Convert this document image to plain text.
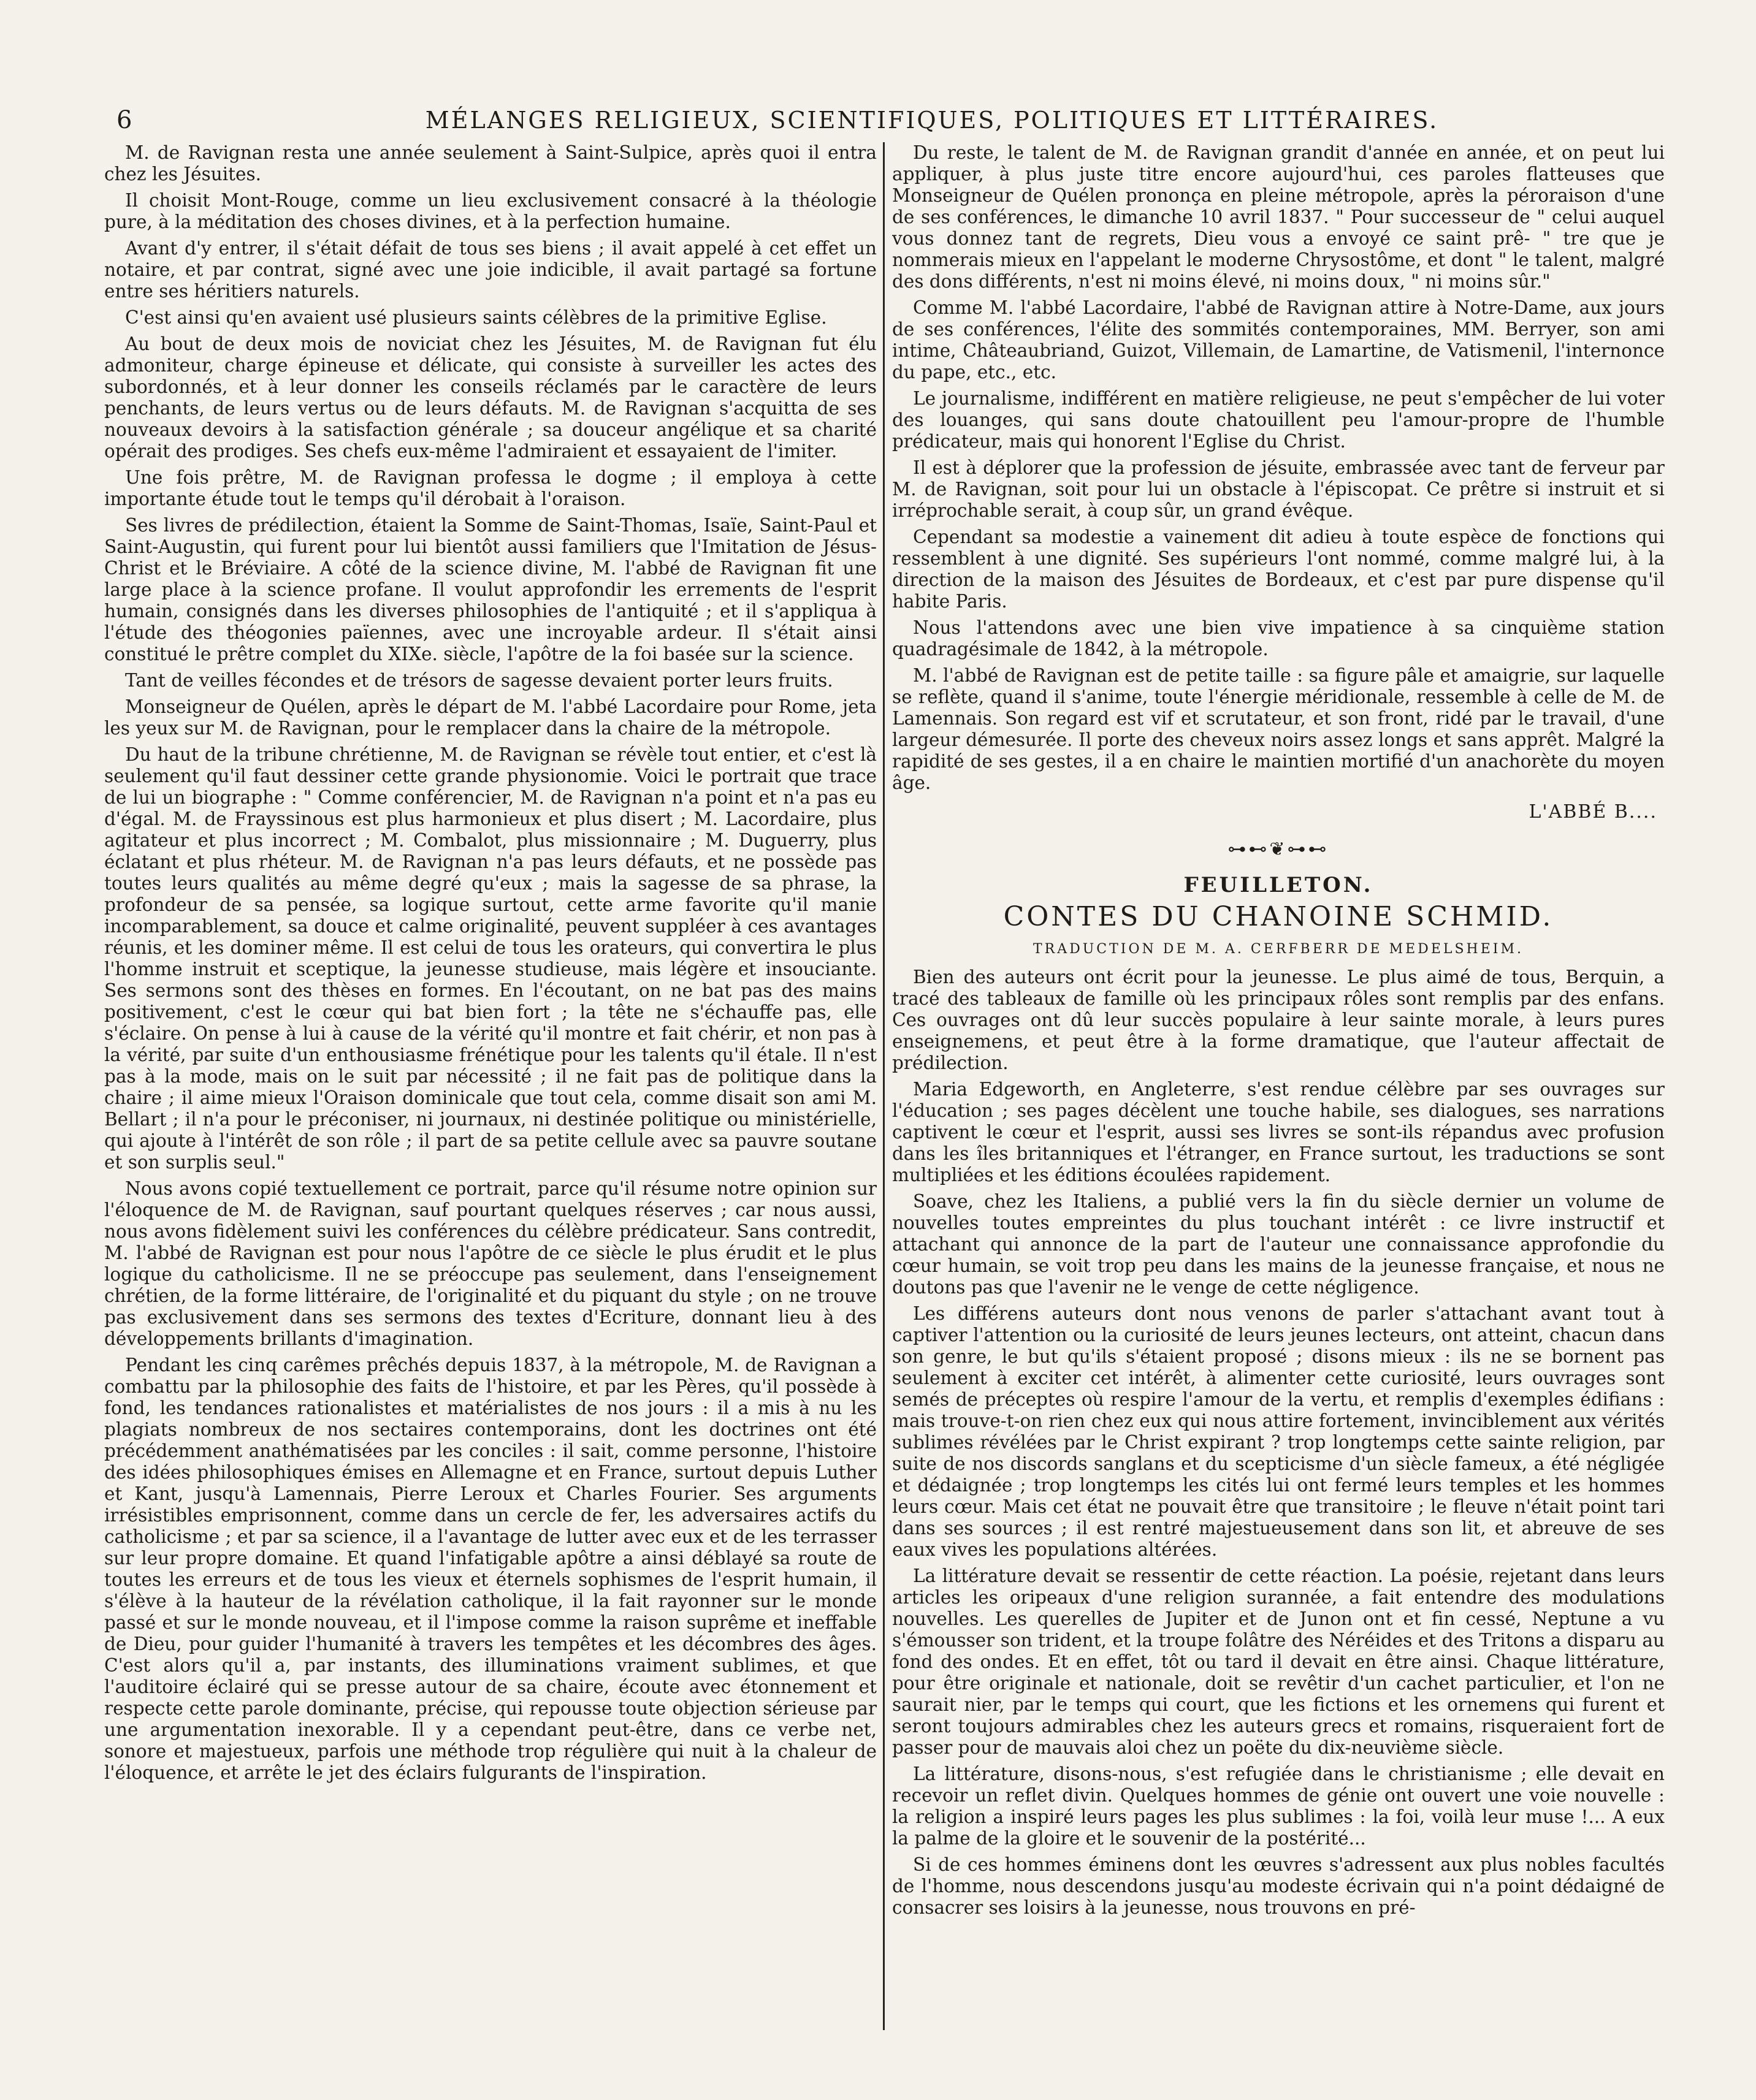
6	MÉLANGES RELIGIEUX, SCIENTIFIQUES, POLITIQUES ET LITTÉRAIRES.

M. de Ravignan resta une année seulement à Saint-Sulpice, après quoi il entra chez les Jésuites.

Il choisit Mont-Rouge, comme un lieu exclusivement consacré à la théologie pure, à la méditation des choses divines, et à la perfection humaine.

Avant d'y entrer, il s'était défait de tous ses biens ; il avait appelé à cet effet un notaire, et par contrat, signé avec une joie indicible, il avait partagé sa fortune entre ses héritiers naturels.

C'est ainsi qu'en avaient usé plusieurs saints célèbres de la primitive Eglise.

Au bout de deux mois de noviciat chez les Jésuites, M. de Ravignan fut élu admoniteur, charge épineuse et délicate, qui consiste à surveiller les actes des subordonnés, et à leur donner les conseils réclamés par le caractère de leurs penchants, de leurs vertus ou de leurs défauts. M. de Ravignan s'acquitta de ses nouveaux devoirs à la satisfaction générale ; sa douceur angélique et sa charité opérait des prodiges. Ses chefs eux-même l'admiraient et essayaient de l'imiter.

Une fois prêtre, M. de Ravignan professa le dogme ; il employa à cette importante étude tout le temps qu'il dérobait à l'oraison.

Ses livres de prédilection, étaient la Somme de Saint-Thomas, Isaïe, Saint-Paul et Saint-Augustin, qui furent pour lui bientôt aussi familiers que l'Imitation de Jésus-Christ et le Bréviaire. A côté de la science divine, M. l'abbé de Ravignan fit une large place à la science profane. Il voulut approfondir les errements de l'esprit humain, consignés dans les diverses philosophies de l'antiquité ; et il s'appliqua à l'étude des théogonies païennes, avec une incroyable ardeur. Il s'était ainsi constitué le prêtre complet du XIXe. siècle, l'apôtre de la foi basée sur la science.

Tant de veilles fécondes et de trésors de sagesse devaient porter leurs fruits.

Monseigneur de Quélen, après le départ de M. l'abbé Lacordaire pour Rome, jeta les yeux sur M. de Ravignan, pour le remplacer dans la chaire de la métropole.

Du haut de la tribune chrétienne, M. de Ravignan se révèle tout entier, et c'est là seulement qu'il faut dessiner cette grande physionomie. Voici le portrait que trace de lui un biographe : " Comme conférencier, M. de Ravignan n'a point et n'a pas eu d'égal. M. de Frayssinous est plus harmonieux et plus disert ; M. Lacordaire, plus agitateur et plus incorrect ; M. Combalot, plus missionnaire ; M. Duguerry, plus éclatant et plus rhéteur. M. de Ravignan n'a pas leurs défauts, et ne possède pas toutes leurs qualités au même degré qu'eux ; mais la sagesse de sa phrase, la profondeur de sa pensée, sa logique surtout, cette arme favorite qu'il manie incomparablement, sa douce et calme originalité, peuvent suppléer à ces avantages réunis, et les dominer même. Il est celui de tous les orateurs, qui convertira le plus l'homme instruit et sceptique, la jeunesse studieuse, mais légère et insouciante. Ses sermons sont des thèses en formes. En l'écoutant, on ne bat pas des mains positivement, c'est le cœur qui bat bien fort ; la tête ne s'échauffe pas, elle s'éclaire. On pense à lui à cause de la vérité qu'il montre et fait chérir, et non pas à la vérité, par suite d'un enthousiasme frénétique pour les talents qu'il étale. Il n'est pas à la mode, mais on le suit par nécessité ; il ne fait pas de politique dans la chaire ; il aime mieux l'Oraison dominicale que tout cela, comme disait son ami M. Bellart ; il n'a pour le préconiser, ni journaux, ni destinée politique ou ministérielle, qui ajoute à l'intérêt de son rôle ; il part de sa petite cellule avec sa pauvre soutane et son surplis seul."

Nous avons copié textuellement ce portrait, parce qu'il résume notre opinion sur l'éloquence de M. de Ravignan, sauf pourtant quelques réserves ; car nous aussi, nous avons fidèlement suivi les conférences du célèbre prédicateur. Sans contredit, M. l'abbé de Ravignan est pour nous l'apôtre de ce siècle le plus érudit et le plus logique du catholicisme. Il ne se préoccupe pas seulement, dans l'enseignement chrétien, de la forme littéraire, de l'originalité et du piquant du style ; on ne trouve pas exclusivement dans ses sermons des textes d'Ecriture, donnant lieu à des développements brillants d'imagination.

Pendant les cinq carêmes prêchés depuis 1837, à la métropole, M. de Ravignan a combattu par la philosophie des faits de l'histoire, et par les Pères, qu'il possède à fond, les tendances rationalistes et matérialistes de nos jours : il a mis à nu les plagiats nombreux de nos sectaires contemporains, dont les doctrines ont été précédemment anathématisées par les conciles : il sait, comme personne, l'histoire des idées philosophiques émises en Allemagne et en France, surtout depuis Luther et Kant, jusqu'à Lamennais, Pierre Leroux et Charles Fourier. Ses arguments irrésistibles emprisonnent, comme dans un cercle de fer, les adversaires actifs du catholicisme ; et par sa science, il a l'avantage de lutter avec eux et de les terrasser sur leur propre domaine. Et quand l'infatigable apôtre a ainsi déblayé sa route de toutes les erreurs et de tous les vieux et éternels sophismes de l'esprit humain, il s'élève à la hauteur de la révélation catholique, il la fait rayonner sur le monde passé et sur le monde nouveau, et il l'impose comme la raison suprême et ineffable de Dieu, pour guider l'humanité à travers les tempêtes et les décombres des âges. C'est alors qu'il a, par instants, des illuminations vraiment sublimes, et que l'auditoire éclairé qui se presse autour de sa chaire, écoute avec étonnement et respecte cette parole dominante, précise, qui repousse toute objection sérieuse par une argumentation inexorable. Il y a cependant peut-être, dans ce verbe net, sonore et majestueux, parfois une méthode trop régulière qui nuit à la chaleur de l'éloquence, et arrête le jet des éclairs fulgurants de l'inspiration.

Du reste, le talent de M. de Ravignan grandit d'année en année, et on peut lui appliquer, à plus juste titre encore aujourd'hui, ces paroles flatteuses que Monseigneur de Quélen prononça en pleine métropole, après la péroraison d'une de ses conférences, le dimanche 10 avril 1837. " Pour successeur de " celui auquel vous donnez tant de regrets, Dieu vous a envoyé ce saint prê- " tre que je nommerais mieux en l'appelant le moderne Chrysostôme, et dont " le talent, malgré des dons différents, n'est ni moins élevé, ni moins doux, " ni moins sûr."

Comme M. l'abbé Lacordaire, l'abbé de Ravignan attire à Notre-Dame, aux jours de ses conférences, l'élite des sommités contemporaines, MM. Berryer, son ami intime, Châteaubriand, Guizot, Villemain, de Lamartine, de Vatismenil, l'internonce du pape, etc., etc.

Le journalisme, indifférent en matière religieuse, ne peut s'empêcher de lui voter des louanges, qui sans doute chatouillent peu l'amour-propre de l'humble prédicateur, mais qui honorent l'Eglise du Christ.

Il est à déplorer que la profession de jésuite, embrassée avec tant de ferveur par M. de Ravignan, soit pour lui un obstacle à l'épiscopat. Ce prêtre si instruit et si irréprochable serait, à coup sûr, un grand évêque.

Cependant sa modestie a vainement dit adieu à toute espèce de fonctions qui ressemblent à une dignité. Ses supérieurs l'ont nommé, comme malgré lui, à la direction de la maison des Jésuites de Bordeaux, et c'est par pure dispense qu'il habite Paris.

Nous l'attendons avec une bien vive impatience à sa cinquième station quadragésimale de 1842, à la métropole.

M. l'abbé de Ravignan est de petite taille : sa figure pâle et amaigrie, sur laquelle se reflète, quand il s'anime, toute l'énergie méridionale, ressemble à celle de M. de Lamennais. Son regard est vif et scrutateur, et son front, ridé par le travail, d'une largeur démesurée. Il porte des cheveux noirs assez longs et sans apprêt. Malgré la rapidité de ses gestes, il a en chaire le maintien mortifié d'un anachorète du moyen âge.

L'ABBÉ B....
⊶⊷❦⊶⊷
FEUILLETON.
CONTES DU CHANOINE SCHMID.
TRADUCTION DE M. A. CERFBERR DE MEDELSHEIM.

Bien des auteurs ont écrit pour la jeunesse. Le plus aimé de tous, Berquin, a tracé des tableaux de famille où les principaux rôles sont remplis par des enfans. Ces ouvrages ont dû leur succès populaire à leur sainte morale, à leurs pures enseignemens, et peut être à la forme dramatique, que l'auteur affectait de prédilection.

Maria Edgeworth, en Angleterre, s'est rendue célèbre par ses ouvrages sur l'éducation ; ses pages décèlent une touche habile, ses dialogues, ses narrations captivent le cœur et l'esprit, aussi ses livres se sont-ils répandus avec profusion dans les îles britanniques et l'étranger, en France surtout, les traductions se sont multipliées et les éditions écoulées rapidement.

Soave, chez les Italiens, a publié vers la fin du siècle dernier un volume de nouvelles toutes empreintes du plus touchant intérêt : ce livre instructif et attachant qui annonce de la part de l'auteur une connaissance approfondie du cœur humain, se voit trop peu dans les mains de la jeunesse française, et nous ne doutons pas que l'avenir ne le venge de cette négligence.

Les différens auteurs dont nous venons de parler s'attachant avant tout à captiver l'attention ou la curiosité de leurs jeunes lecteurs, ont atteint, chacun dans son genre, le but qu'ils s'étaient proposé ; disons mieux : ils ne se bornent pas seulement à exciter cet intérêt, à alimenter cette curiosité, leurs ouvrages sont semés de préceptes où respire l'amour de la vertu, et remplis d'exemples édifians : mais trouve-t-on rien chez eux qui nous attire fortement, invinciblement aux vérités sublimes révélées par le Christ expirant ? trop longtemps cette sainte religion, par suite de nos discords sanglans et du scepticisme d'un siècle fameux, a été négligée et dédaignée ; trop longtemps les cités lui ont fermé leurs temples et les hommes leurs cœur. Mais cet état ne pouvait être que transitoire ; le fleuve n'était point tari dans ses sources ; il est rentré majestueusement dans son lit, et abreuve de ses eaux vives les populations altérées.

La littérature devait se ressentir de cette réaction. La poésie, rejetant dans leurs articles les oripeaux d'une religion surannée, a fait entendre des modulations nouvelles. Les querelles de Jupiter et de Junon ont et fin cessé, Neptune a vu s'émousser son trident, et la troupe folâtre des Néréides et des Tritons a disparu au fond des ondes. Et en effet, tôt ou tard il devait en être ainsi. Chaque littérature, pour être originale et nationale, doit se revêtir d'un cachet particulier, et l'on ne saurait nier, par le temps qui court, que les fictions et les ornemens qui furent et seront toujours admirables chez les auteurs grecs et romains, risqueraient fort de passer pour de mauvais aloi chez un poëte du dix-neuvième siècle.

La littérature, disons-nous, s'est refugiée dans le christianisme ; elle devait en recevoir un reflet divin. Quelques hommes de génie ont ouvert une voie nouvelle : la religion a inspiré leurs pages les plus sublimes : la foi, voilà leur muse !... A eux la palme de la gloire et le souvenir de la postérité...

Si de ces hommes éminens dont les œuvres s'adressent aux plus nobles facultés de l'homme, nous descendons jusqu'au modeste écrivain qui n'a point dédaigné de consacrer ses loisirs à la jeunesse, nous trouvons en pré-
